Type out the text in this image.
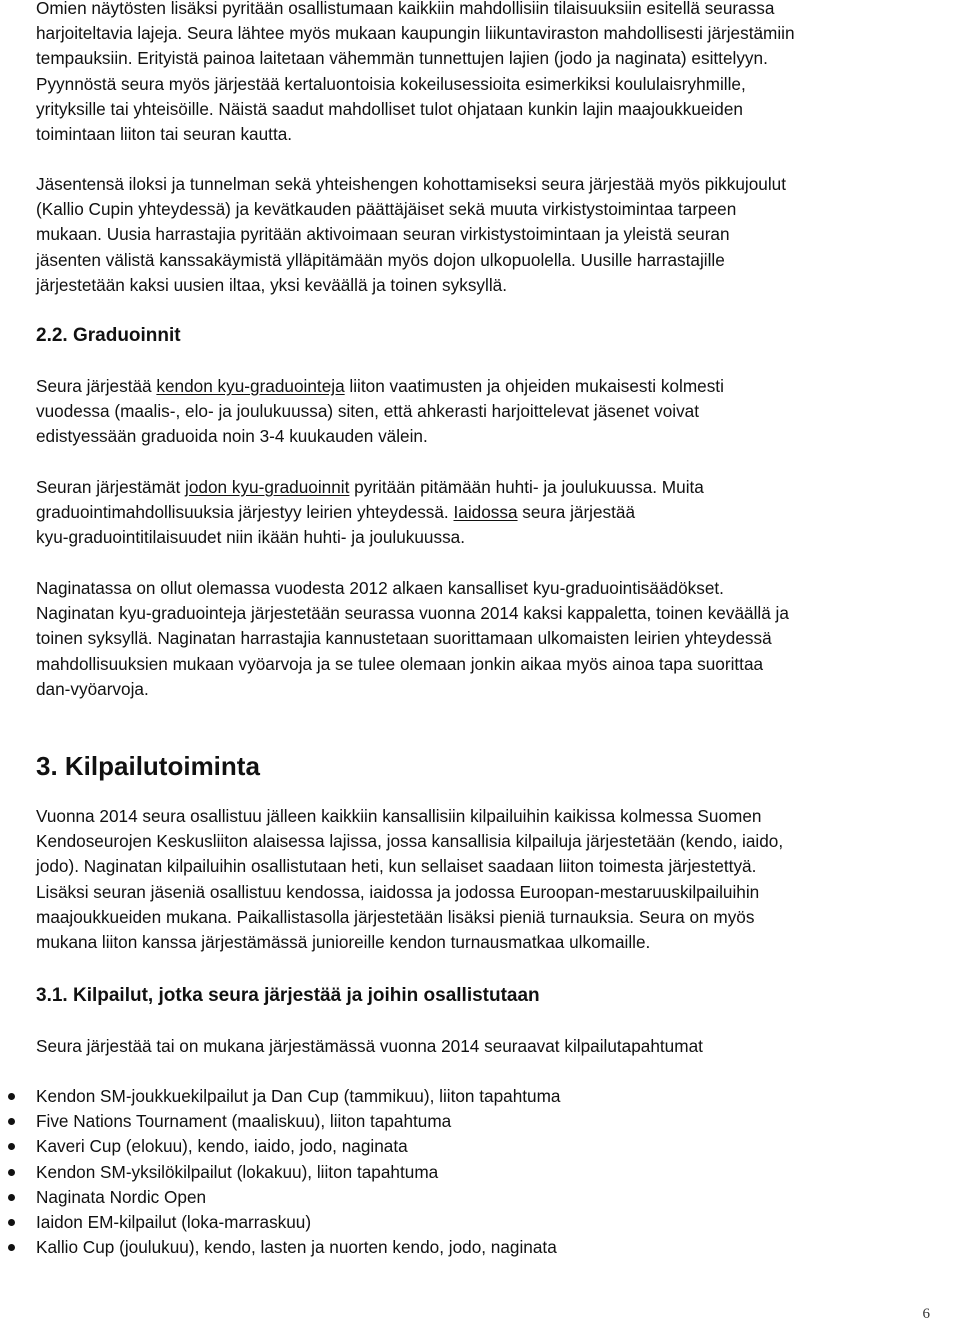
Omien näytösten lisäksi pyritään osallistumaan kaikkiin mahdollisiin tilaisuuksiin esitellä seurassa
harjoiteltavia lajeja. Seura lähtee myös mukaan kaupungin liikuntaviraston mahdollisesti järjestämiin
tempauksiin. Erityistä painoa laitetaan vähemmän tunnettujen lajien (jodo ja naginata) esittelyyn.
Pyynnöstä seura myös järjestää kertaluontoisia kokeilusessioita esimerkiksi koululaisryhmille,
yrityksille tai yhteisöille. Näistä saadut mahdolliset tulot ohjataan kunkin lajin maajoukkueiden
toimintaan liiton tai seuran kautta.

Jäsentensä iloksi ja tunnelman sekä yhteishengen kohottamiseksi seura järjestää myös pikkujoulut
(Kallio Cupin yhteydessä) ja kevätkauden päättäjäiset sekä muuta virkistystoimintaa tarpeen
mukaan. Uusia harrastajia pyritään aktivoimaan seuran virkistystoimintaan ja yleistä seuran
jäsenten välistä kanssakäymistä ylläpitämään myös dojon ulkopuolella. Uusille harrastajille
järjestetään kaksi uusien iltaa, yksi keväällä ja toinen syksyllä.

2.2. Graduoinnit

Seura järjestää kendon kyu-graduointeja liiton vaatimusten ja ohjeiden mukaisesti kolmesti
vuodessa (maalis-, elo- ja joulukuussa) siten, että ahkerasti harjoittelevat jäsenet voivat
edistyessään graduoida noin 3-4 kuukauden välein.

Seuran järjestämät jodon kyu-graduoinnit pyritään pitämään huhti- ja joulukuussa. Muita
graduointimahdollisuuksia järjestyy leirien yhteydessä. Iaidossa seura järjestää
kyu-graduointitilaisuudet niin ikään huhti- ja joulukuussa.

Naginatassa on ollut olemassa vuodesta 2012 alkaen kansalliset kyu-graduointisäädökset.
Naginatan kyu-graduointeja järjestetään seurassa vuonna 2014 kaksi kappaletta, toinen keväällä ja
toinen syksyllä. Naginatan harrastajia kannustetaan suorittamaan ulkomaisten leirien yhteydessä
mahdollisuuksien mukaan vyöarvoja ja se tulee olemaan jonkin aikaa myös ainoa tapa suorittaa
dan-vyöarvoja.

3. Kilpailutoiminta

Vuonna 2014 seura osallistuu jälleen kaikkiin kansallisiin kilpailuihin kaikissa kolmessa Suomen
Kendoseurojen Keskusliiton alaisessa lajissa, jossa kansallisia kilpailuja järjestetään (kendo, iaido,
jodo). Naginatan kilpailuihin osallistutaan heti, kun sellaiset saadaan liiton toimesta järjestettyä.
Lisäksi seuran jäseniä osallistuu kendossa, iaidossa ja jodossa Euroopan-mestaruuskilpailuihin
maajoukkueiden mukana. Paikallistasolla järjestetään lisäksi pieniä turnauksia. Seura on myös
mukana liiton kanssa järjestämässä junioreille kendon turnausmatkaa ulkomaille.

3.1. Kilpailut, jotka seura järjestää ja joihin osallistutaan

Seura järjestää tai on mukana järjestämässä vuonna 2014 seuraavat kilpailutapahtumat

Kendon SM-joukkuekilpailut ja Dan Cup (tammikuu), liiton tapahtuma
Five Nations Tournament (maaliskuu), liiton tapahtuma
Kaveri Cup (elokuu), kendo, iaido, jodo, naginata
Kendon SM-yksilökilpailut (lokakuu), liiton tapahtuma
Naginata Nordic Open
Iaidon EM-kilpailut (loka-marraskuu)
Kallio Cup (joulukuu), kendo, lasten ja nuorten kendo, jodo, naginata
6
